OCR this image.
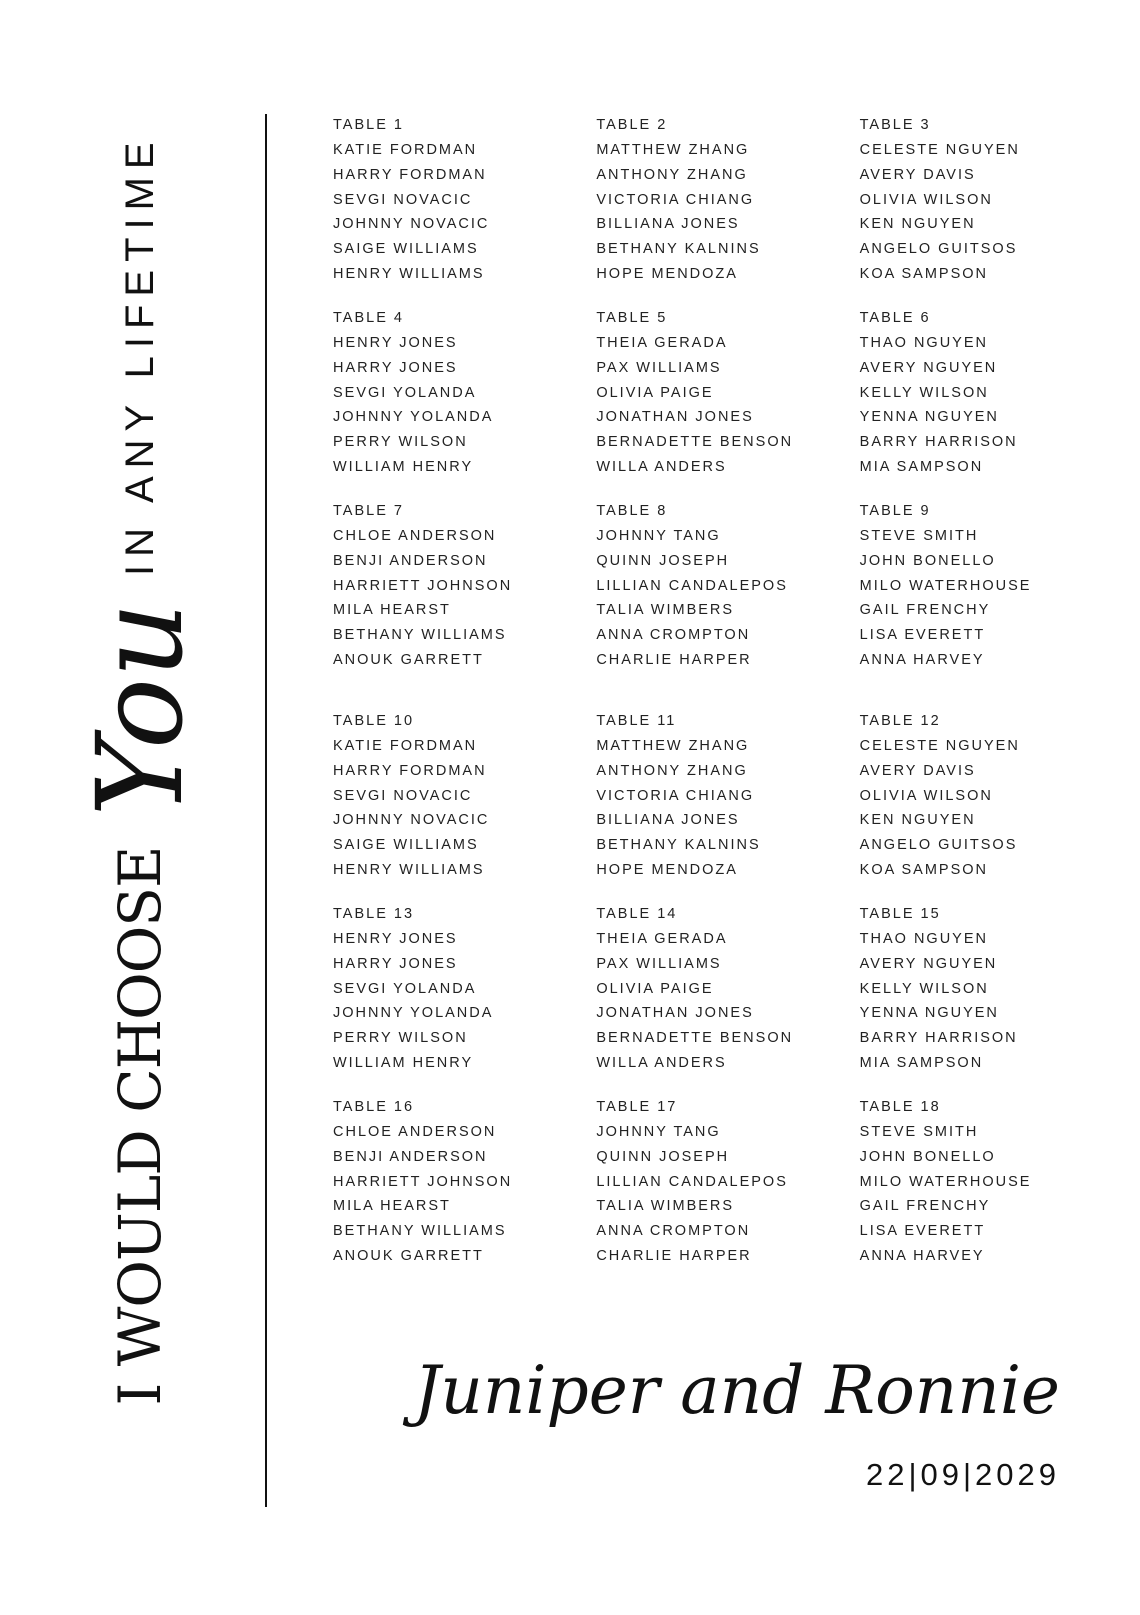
I WOULD CHOOSE
You
IN ANY LIFETIME
TABLE 1
KATIE FORDMAN
HARRY FORDMAN
SEVGI NOVACIC
JOHNNY NOVACIC
SAIGE WILLIAMS
HENRY WILLIAMS
TABLE 2
MATTHEW ZHANG
ANTHONY ZHANG
VICTORIA CHIANG
BILLIANA JONES
BETHANY KALNINS
HOPE MENDOZA
TABLE 3
CELESTE NGUYEN
AVERY DAVIS
OLIVIA WILSON
KEN NGUYEN
ANGELO GUITSOS
KOA SAMPSON
TABLE 4
HENRY JONES
HARRY JONES
SEVGI YOLANDA
JOHNNY YOLANDA
PERRY WILSON
WILLIAM HENRY
TABLE 5
THEIA GERADA
PAX WILLIAMS
OLIVIA PAIGE
JONATHAN JONES
BERNADETTE BENSON
WILLA ANDERS
TABLE 6
THAO NGUYEN
AVERY NGUYEN
KELLY WILSON
YENNA NGUYEN
BARRY HARRISON
MIA SAMPSON
TABLE 7
CHLOE ANDERSON
BENJI ANDERSON
HARRIETT JOHNSON
MILA HEARST
BETHANY WILLIAMS
ANOUK GARRETT
TABLE 8
JOHNNY TANG
QUINN JOSEPH
LILLIAN CANDALEPOS
TALIA WIMBERS
ANNA CROMPTON
CHARLIE HARPER
TABLE 9
STEVE SMITH
JOHN BONELLO
MILO WATERHOUSE
GAIL FRENCHY
LISA EVERETT
ANNA HARVEY
TABLE 10
KATIE FORDMAN
HARRY FORDMAN
SEVGI NOVACIC
JOHNNY NOVACIC
SAIGE WILLIAMS
HENRY WILLIAMS
TABLE 11
MATTHEW ZHANG
ANTHONY ZHANG
VICTORIA CHIANG
BILLIANA JONES
BETHANY KALNINS
HOPE MENDOZA
TABLE 12
CELESTE NGUYEN
AVERY DAVIS
OLIVIA WILSON
KEN NGUYEN
ANGELO GUITSOS
KOA SAMPSON
TABLE 13
HENRY JONES
HARRY JONES
SEVGI YOLANDA
JOHNNY YOLANDA
PERRY WILSON
WILLIAM HENRY
TABLE 14
THEIA GERADA
PAX WILLIAMS
OLIVIA PAIGE
JONATHAN JONES
BERNADETTE BENSON
WILLA ANDERS
TABLE 15
THAO NGUYEN
AVERY NGUYEN
KELLY WILSON
YENNA NGUYEN
BARRY HARRISON
MIA SAMPSON
TABLE 16
CHLOE ANDERSON
BENJI ANDERSON
HARRIETT JOHNSON
MILA HEARST
BETHANY WILLIAMS
ANOUK GARRETT
TABLE 17
JOHNNY TANG
QUINN JOSEPH
LILLIAN CANDALEPOS
TALIA WIMBERS
ANNA CROMPTON
CHARLIE HARPER
TABLE 18
STEVE SMITH
JOHN BONELLO
MILO WATERHOUSE
GAIL FRENCHY
LISA EVERETT
ANNA HARVEY
Juniper and Ronnie
22|09|2029
